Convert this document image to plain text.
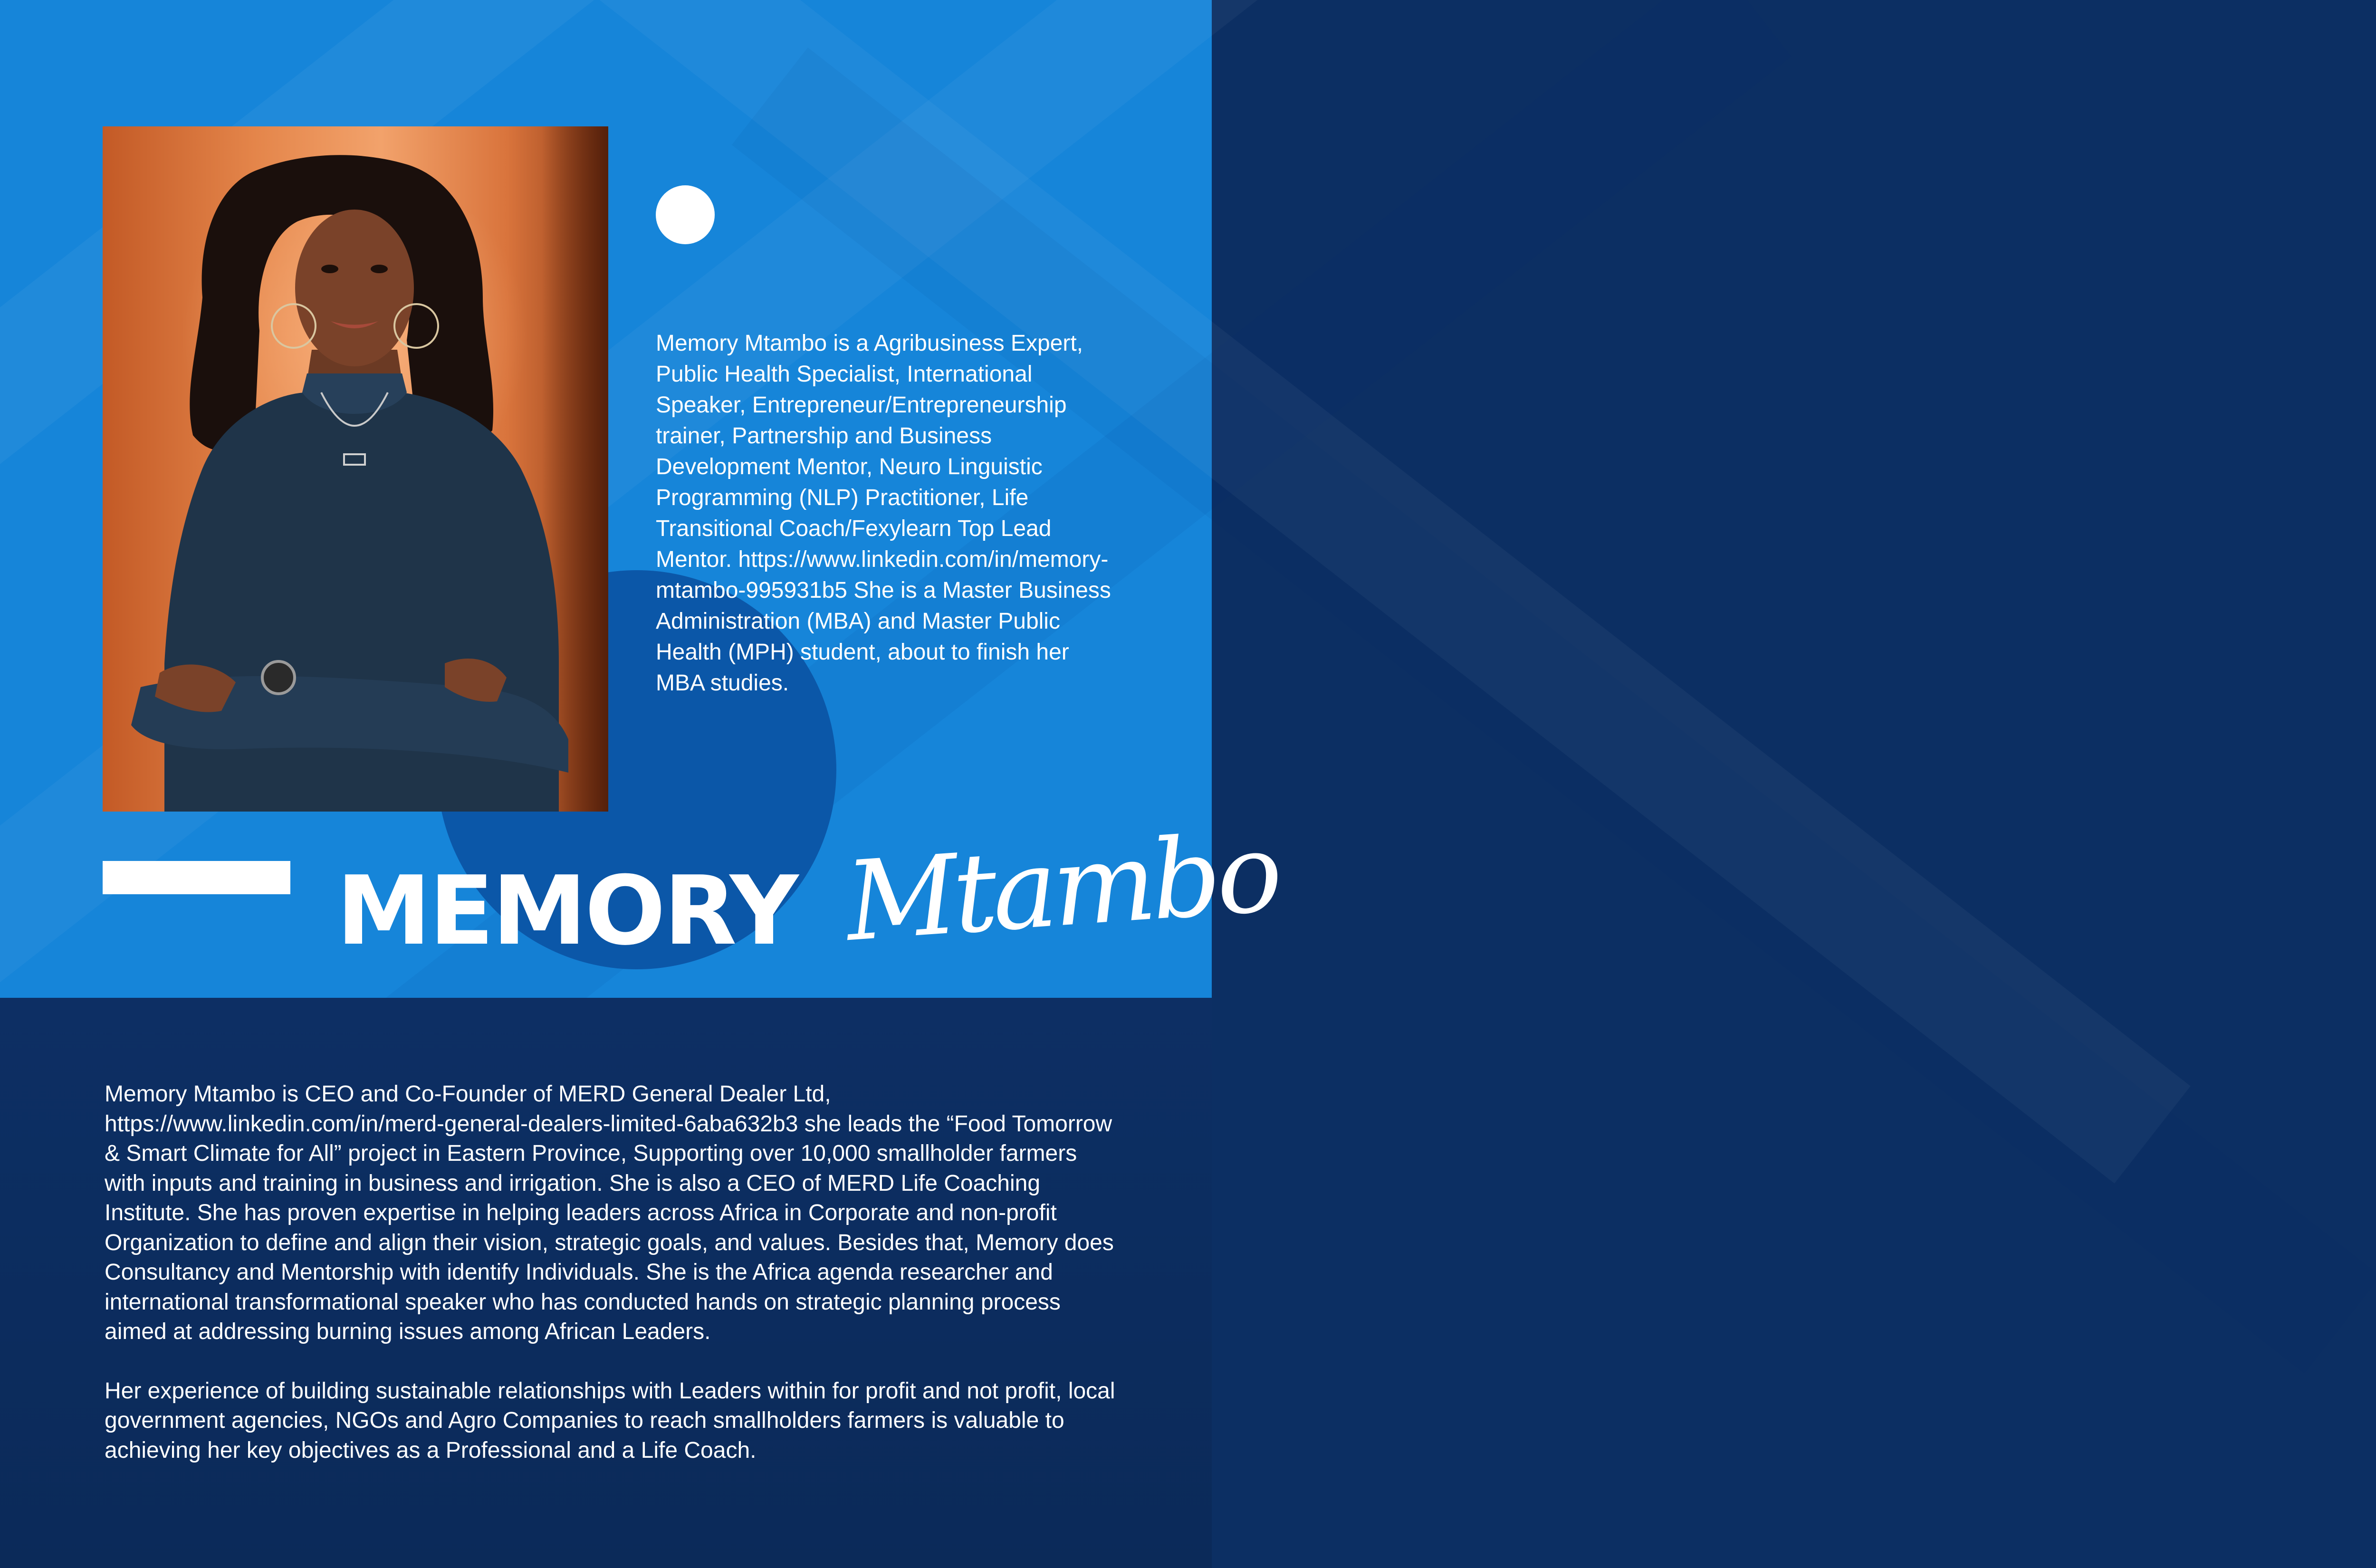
Memory Mtambo is a Agribusiness Expert, Public Health Specialist, International Speaker, Entrepreneur/Entrepreneurship trainer, Partnership and Business Development Mentor, Neuro Linguistic Programming (NLP) Practitioner, Life Transitional Coach/Fexylearn Top Lead Mentor. https://www.linkedin.com/in/memory-mtambo-995931b5 She is a Master Business Administration (MBA) and Master Public Health (MPH) student, about to finish her MBA studies.
MEMORY Mtambo

Memory Mtambo is CEO and Co-Founder of MERD General Dealer Ltd, https://www.linkedin.com/in/merd-general-dealers-limited-6aba632b3 she leads the “Food Tomorrow & Smart Climate for All” project in Eastern Province, Supporting over 10,000 smallholder farmers with inputs and training in business and irrigation. She is also a CEO of MERD Life Coaching Institute. She has proven expertise in helping leaders across Africa in Corporate and non-profit Organization to define and align their vision, strategic goals, and values. Besides that, Memory does Consultancy and Mentorship with identify Individuals. She is the Africa agenda researcher and international transformational speaker who has conducted hands on strategic planning process aimed at addressing burning issues among African Leaders.

Her experience of building sustainable relationships with Leaders within for profit and not profit, local government agencies, NGOs and Agro Companies to reach smallholders farmers is valuable to achieving her key objectives as a Professional and a Life Coach.
